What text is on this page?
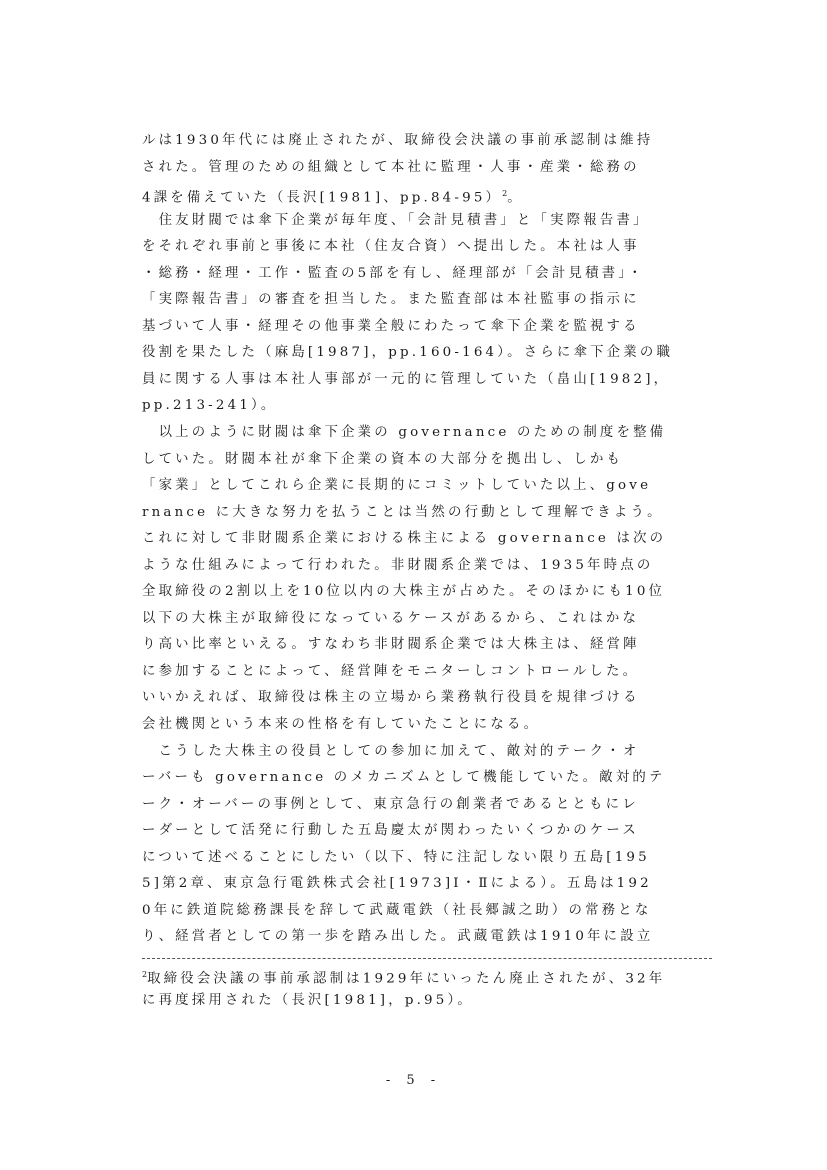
ルは1930年代には廃止されたが、取締役会決議の事前承認制は維持
された。管理のための組織として本社に監理・人事・産業・総務の
4課を備えていた（長沢[1981]、pp.84-95）$^2$。
　住友財閥では傘下企業が毎年度、「会計見積書」と「実際報告書」
をそれぞれ事前と事後に本社（住友合資）へ提出した。本社は人事
・総務・経理・工作・監査の5部を有し、経理部が「会計見積書」・
「実際報告書」の審査を担当した。また監査部は本社監事の指示に
基づいて人事・経理その他事業全般にわたって傘下企業を監視する
役割を果たした（麻島[1987]，pp.160-164）。さらに傘下企業の職
員に関する人事は本社人事部が一元的に管理していた（畠山[1982]，
pp.213-241）。
　以上のように財閥は傘下企業の governance のための制度を整備
していた。財閥本社が傘下企業の資本の大部分を拠出し、しかも
「家業」としてこれら企業に長期的にコミットしていた以上、gove
rnance に大きな努力を払うことは当然の行動として理解できよう。
これに対して非財閥系企業における株主による governance は次の
ような仕組みによって行われた。非財閥系企業では、1935年時点の
全取締役の2割以上を10位以内の大株主が占めた。そのほかにも10位
以下の大株主が取締役になっているケースがあるから、これはかな
り高い比率といえる。すなわち非財閥系企業では大株主は、経営陣
に参加することによって、経営陣をモニターしコントロールした。
いいかえれば、取締役は株主の立場から業務執行役員を規律づける
会社機関という本来の性格を有していたことになる。
　こうした大株主の役員としての参加に加えて、敵対的テーク・オ
ーバーも governance のメカニズムとして機能していた。敵対的テ
ーク・オーバーの事例として、東京急行の創業者であるとともにレ
ーダーとして活発に行動した五島慶太が関わったいくつかのケース
について述べることにしたい（以下、特に注記しない限り五島[195
5]第2章、東京急行電鉄株式会社[1973]Ⅰ・Ⅱによる）。五島は192
0年に鉄道院総務課長を辞して武蔵電鉄（社長郷誠之助）の常務とな
り、経営者としての第一歩を踏み出した。武蔵電鉄は1910年に設立
$^2$取締役会決議の事前承認制は1929年にいったん廃止されたが、32年
に再度採用された（長沢[1981]，p.95）。
- 5 -
